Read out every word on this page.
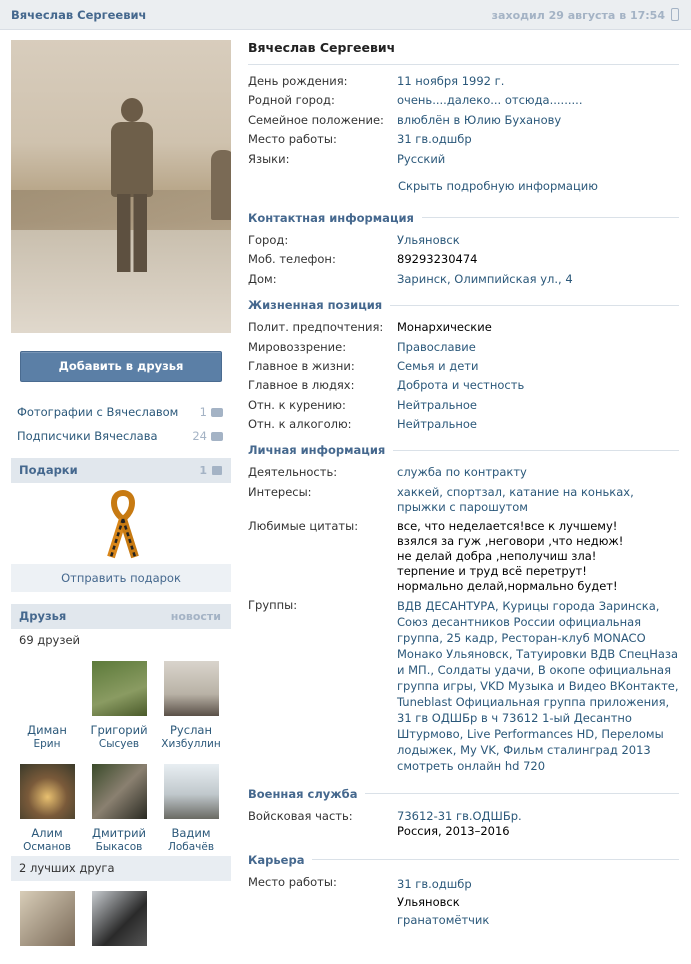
Вячеслав Сергеевич	заходил 29 августа в 17:54
Добавить в друзья
Фотографии с Вячеславом 1
Подписчики Вячеслава	24
Подарки	1
Отправить подарок
Друзья	новости
69 друзей
Диман
Ерин
Григорий
Сысуев
Руслан
Хизбуллин
Алим
Османов
Дмитрий
Быкасов
Вадим
Лобачёв
2 лучших друга
Вячеслав Сергеевич
День рождения:	11 ноября 1992 г.
Родной город:	очень....далеко... отсюда.........
Семейное положение:	влюблён в Юлию Буханову
Место работы:	31 гв.одшбр
Языки:	Русский
Скрыть подробную информацию
Контактная информация
Город:	Ульяновск
Моб. телефон:	89293230474
Дом:	Заринск, Олимпийская ул., 4
Жизненная позиция
Полит. предпочтения:	Монархические
Мировоззрение:	Православие
Главное в жизни:	Семья и дети
Главное в людях:	Доброта и честность
Отн. к курению:	Нейтральное
Отн. к алкоголю:	Нейтральное
Личная информация
Деятельность:	служба по контракту
Интересы:	хаккей, спортзал, катание на коньках, прыжки с парошутом
Любимые цитаты:	все, что неделается!все к лучшему!
взялся за гуж ,неговори ,что недюж!
не делай добра ,неполучиш зла!
терпение и труд всё перетрут!
нормально делай,нормально будет!
Группы:	ВДВ ДЕСАНТУРА, Курицы города Заринска, Союз десантников России официальная группа, 25 кадр, Ресторан-клуб MONACO Монако Ульяновск, Татуировки ВДВ СпецНаза и МП., Солдаты удачи, В окопе официальная группа игры, VKD Музыка и Видео ВКонтакте, Tuneblast Официальная группа приложения, 31 гв ОДШБр в ч 73612 1-ый Десантно Штурмово, Live Performances HD, Переломы лодыжек, My VK, Фильм сталинград 2013 смотреть онлайн hd 720
Военная служба
Войсковая часть:	73612-31 гв.ОДШБр.
Россия, 2013–2016
Карьера
Место работы:	31 гв.одшбр
Ульяновск
гранатомётчик
